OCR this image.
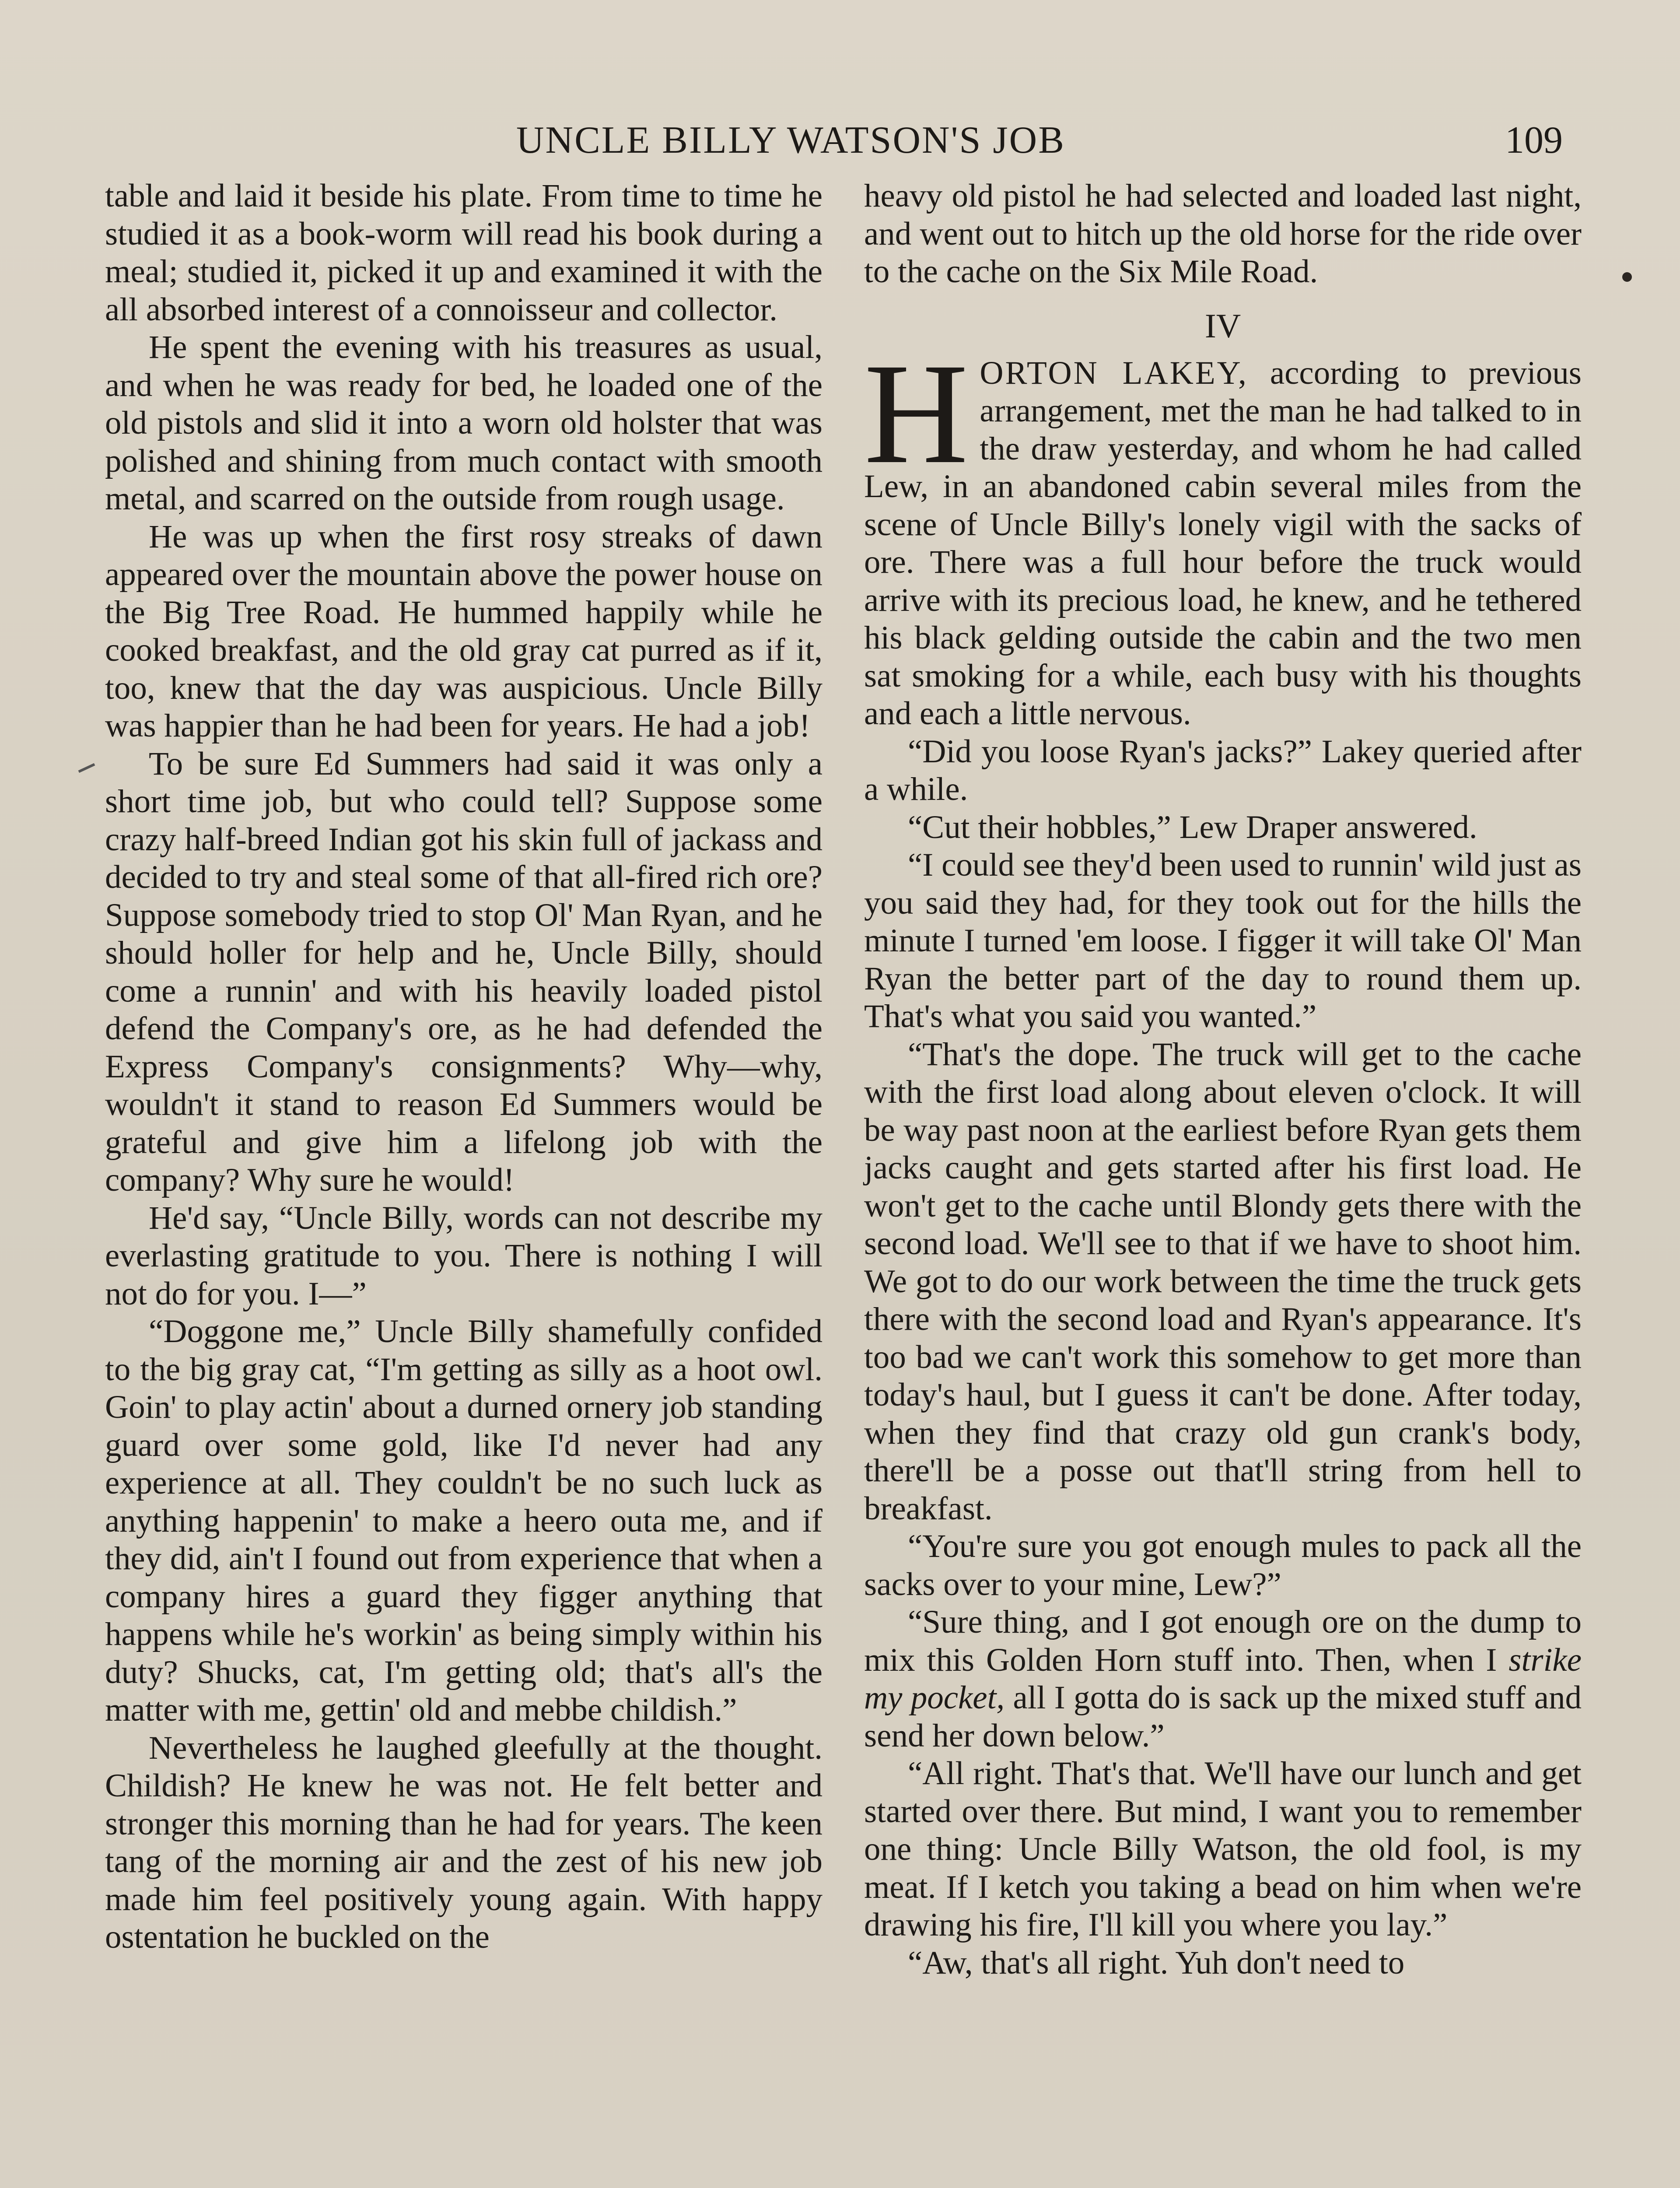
UNCLE BILLY WATSON'S JOB	109

table and laid it beside his plate. From time to time he studied it as a book-worm will read his book during a meal; studied it, picked it up and examined it with the all absorbed interest of a connoisseur and collector.

He spent the evening with his treasures as usual, and when he was ready for bed, he loaded one of the old pistols and slid it into a worn old holster that was polished and shining from much contact with smooth metal, and scarred on the outside from rough usage.

He was up when the first rosy streaks of dawn appeared over the mountain above the power house on the Big Tree Road. He hummed happily while he cooked breakfast, and the old gray cat purred as if it, too, knew that the day was auspicious. Uncle Billy was happier than he had been for years. He had a job!

To be sure Ed Summers had said it was only a short time job, but who could tell? Suppose some crazy half-breed Indian got his skin full of jackass and decided to try and steal some of that all-fired rich ore? Suppose somebody tried to stop Ol' Man Ryan, and he should holler for help and he, Uncle Billy, should come a runnin' and with his heavily loaded pistol defend the Company's ore, as he had defended the Express Company's consignments? Why—why, wouldn't it stand to reason Ed Summers would be grateful and give him a lifelong job with the company? Why sure he would!

He'd say, “Uncle Billy, words can not describe my everlasting gratitude to you. There is nothing I will not do for you. I—”

“Doggone me,” Uncle Billy shamefully confided to the big gray cat, “I'm getting as silly as a hoot owl. Goin' to play actin' about a durned ornery job standing guard over some gold, like I'd never had any experience at all. They couldn't be no such luck as anything happenin' to make a heero outa me, and if they did, ain't I found out from experience that when a company hires a guard they figger anything that happens while he's workin' as being simply within his duty? Shucks, cat, I'm getting old; that's all's the matter with me, gettin' old and mebbe childish.”

Nevertheless he laughed gleefully at the thought. Childish? He knew he was not. He felt better and stronger this morning than he had for years. The keen tang of the morning air and the zest of his new job made him feel positively young again. With happy ostentation he buckled on the

heavy old pistol he had selected and loaded last night, and went out to hitch up the old horse for the ride over to the cache on the Six Mile Road.

IV

HORTON LAKEY, according to previous arrangement, met the man he had talked to in the draw yesterday, and whom he had called Lew, in an abandoned cabin several miles from the scene of Uncle Billy's lonely vigil with the sacks of ore. There was a full hour before the truck would arrive with its precious load, he knew, and he tethered his black gelding outside the cabin and the two men sat smoking for a while, each busy with his thoughts and each a little nervous.

“Did you loose Ryan's jacks?” Lakey queried after a while.

“Cut their hobbles,” Lew Draper answered.

“I could see they'd been used to runnin' wild just as you said they had, for they took out for the hills the minute I turned 'em loose. I figger it will take Ol' Man Ryan the better part of the day to round them up. That's what you said you wanted.”

“That's the dope. The truck will get to the cache with the first load along about eleven o'clock. It will be way past noon at the earliest before Ryan gets them jacks caught and gets started after his first load. He won't get to the cache until Blondy gets there with the second load. We'll see to that if we have to shoot him. We got to do our work between the time the truck gets there with the second load and Ryan's appearance. It's too bad we can't work this somehow to get more than today's haul, but I guess it can't be done. After today, when they find that crazy old gun crank's body, there'll be a posse out that'll string from hell to breakfast.

“You're sure you got enough mules to pack all the sacks over to your mine, Lew?”

“Sure thing, and I got enough ore on the dump to mix this Golden Horn stuff into. Then, when I strike my pocket, all I gotta do is sack up the mixed stuff and send her down below.”

“All right. That's that. We'll have our lunch and get started over there. But mind, I want you to remember one thing: Uncle Billy Watson, the old fool, is my meat. If I ketch you taking a bead on him when we're drawing his fire, I'll kill you where you lay.”

“Aw, that's all right. Yuh don't need to
